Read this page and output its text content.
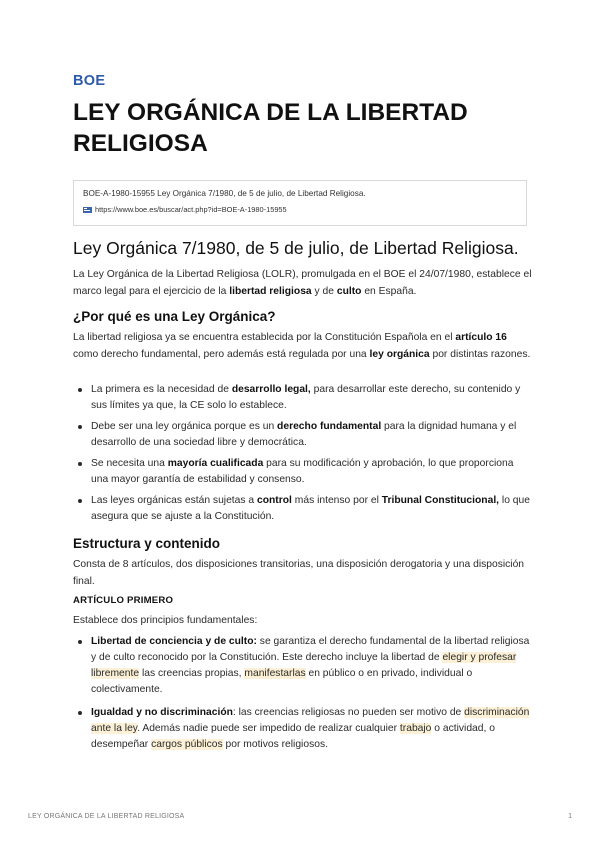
BOE
LEY ORGÁNICA DE LA LIBERTAD RELIGIOSA
BOE-A-1980-15955 Ley Orgánica 7/1980, de 5 de julio, de Libertad Religiosa.
https://www.boe.es/buscar/act.php?id=BOE-A-1980-15955
Ley Orgánica 7/1980, de 5 de julio, de Libertad Religiosa.

La Ley Orgánica de la Libertad Religiosa (LOLR), promulgada en el BOE el 24/07/1980, establece el marco legal para el ejercicio de la libertad religiosa y de culto en España.

¿Por qué es una Ley Orgánica?

La libertad religiosa ya se encuentra establecida por la Constitución Española en el artículo 16 como derecho fundamental, pero además está regulada por una ley orgánica por distintas razones.

La primera es la necesidad de desarrollo legal, para desarrollar este derecho, su contenido y sus límites ya que, la CE solo lo establece.
Debe ser una ley orgánica porque es un derecho fundamental para la dignidad humana y el desarrollo de una sociedad libre y democrática.
Se necesita una mayoría cualificada para su modificación y aprobación, lo que proporciona una mayor garantía de estabilidad y consenso.
Las leyes orgánicas están sujetas a control más intenso por el Tribunal Constitucional, lo que asegura que se ajuste a la Constitución.
Estructura y contenido

Consta de 8 artículos, dos disposiciones transitorias, una disposición derogatoria y una disposición final.

ARTÍCULO PRIMERO

Establece dos principios fundamentales:

Libertad de conciencia y de culto: se garantiza el derecho fundamental de la libertad religiosa y de culto reconocido por la Constitución. Este derecho incluye la libertad de elegir y profesar libremente las creencias propias, manifestarlas en público o en privado, individual o colectivamente.
Igualdad y no discriminación: las creencias religiosas no pueden ser motivo de discriminación ante la ley. Además nadie puede ser impedido de realizar cualquier trabajo o actividad, o desempeñar cargos públicos por motivos religiosos.
LEY ORGÁNICA DE LA LIBERTAD RELIGIOSA	1
